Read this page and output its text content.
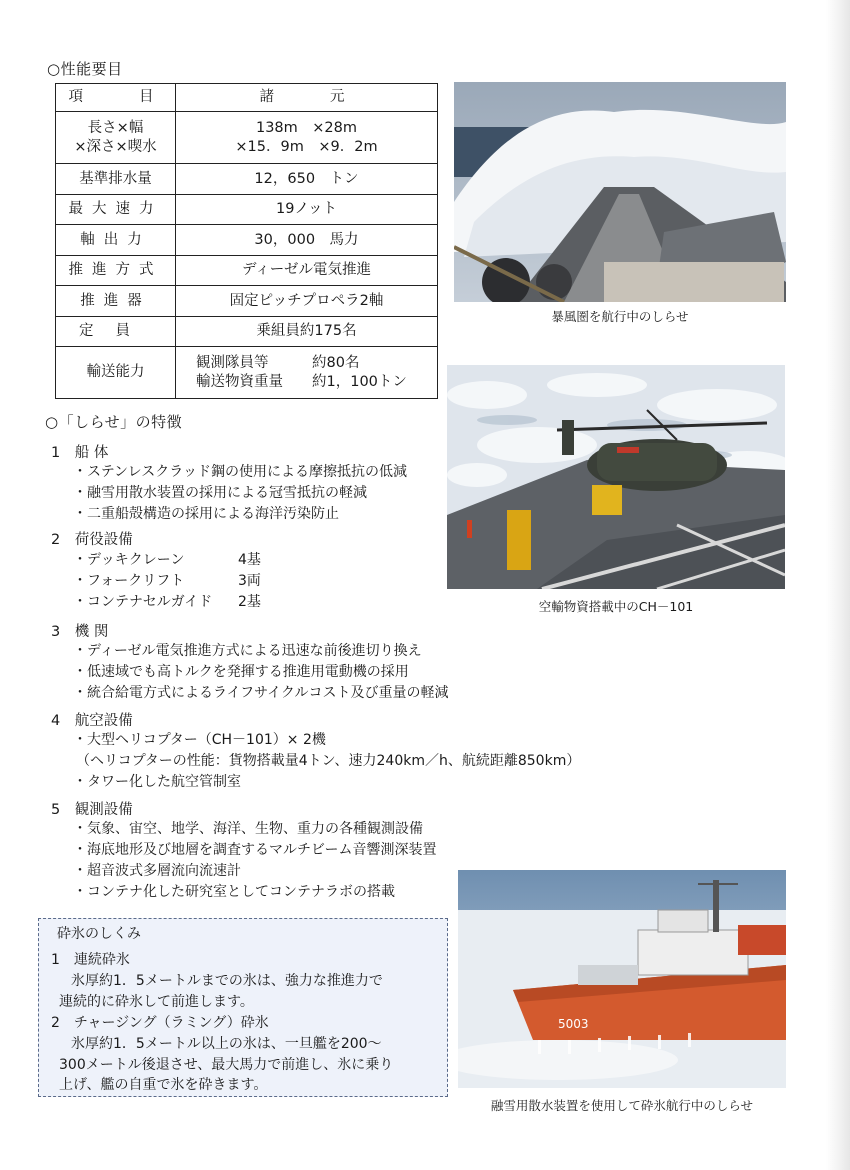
○性能要目
項　　目	諸　　元

長さ×幅
×深さ×喫水	138m　×28m
×15．9m　×9．2m

基準排水量	12，650　トン
最大速力	19ノット
軸出力	30，000　馬力
推進方式	ディーゼル電気推進
推進器	固定ピッチプロペラ2軸
定員	乗組員約175名
輸送能力	観測隊員等　　　約80名
輸送物資重量　　約1，100トン
暴風圏を航行中のしらせ
空輸物資搭載中のCH－101
○「しらせ」の特徴
1　船 体
・ステンレスクラッド鋼の使用による摩擦抵抗の低減
・融雪用散水装置の採用による冠雪抵抗の軽減
・二重船殻構造の採用による海洋汚染防止
2　荷役設備
・デッキクレーン	4基
・フォークリフト	3両
・コンテナセルガイド 2基
3　機 関
・ディーゼル電気推進方式による迅速な前後進切り換え
・低速域でも高トルクを発揮する推進用電動機の採用
・統合給電方式によるライフサイクルコスト及び重量の軽減
4　航空設備
・大型ヘリコプター（CH－101）× 2機
（ヘリコプターの性能：貨物搭載量4トン、速力240km／h、航続距離850km）
・タワー化した航空管制室
5　観測設備
・気象、宙空、地学、海洋、生物、重力の各種観測設備
・海底地形及び地層を調査するマルチビーム音響測深装置
・超音波式多層流向流速計
・コンテナ化した研究室としてコンテナラボの搭載
砕氷のしくみ
1　連続砕氷
氷厚約1．5メートルまでの氷は、強力な推進力で
連続的に砕氷して前進します。
2　チャージング（ラミング）砕氷
氷厚約1．5メートル以上の氷は、一旦艦を200～
300メートル後退させ、最大馬力で前進し、氷に乗り
上げ、艦の自重で氷を砕きます。
5003
融雪用散水装置を使用して砕氷航行中のしらせ
